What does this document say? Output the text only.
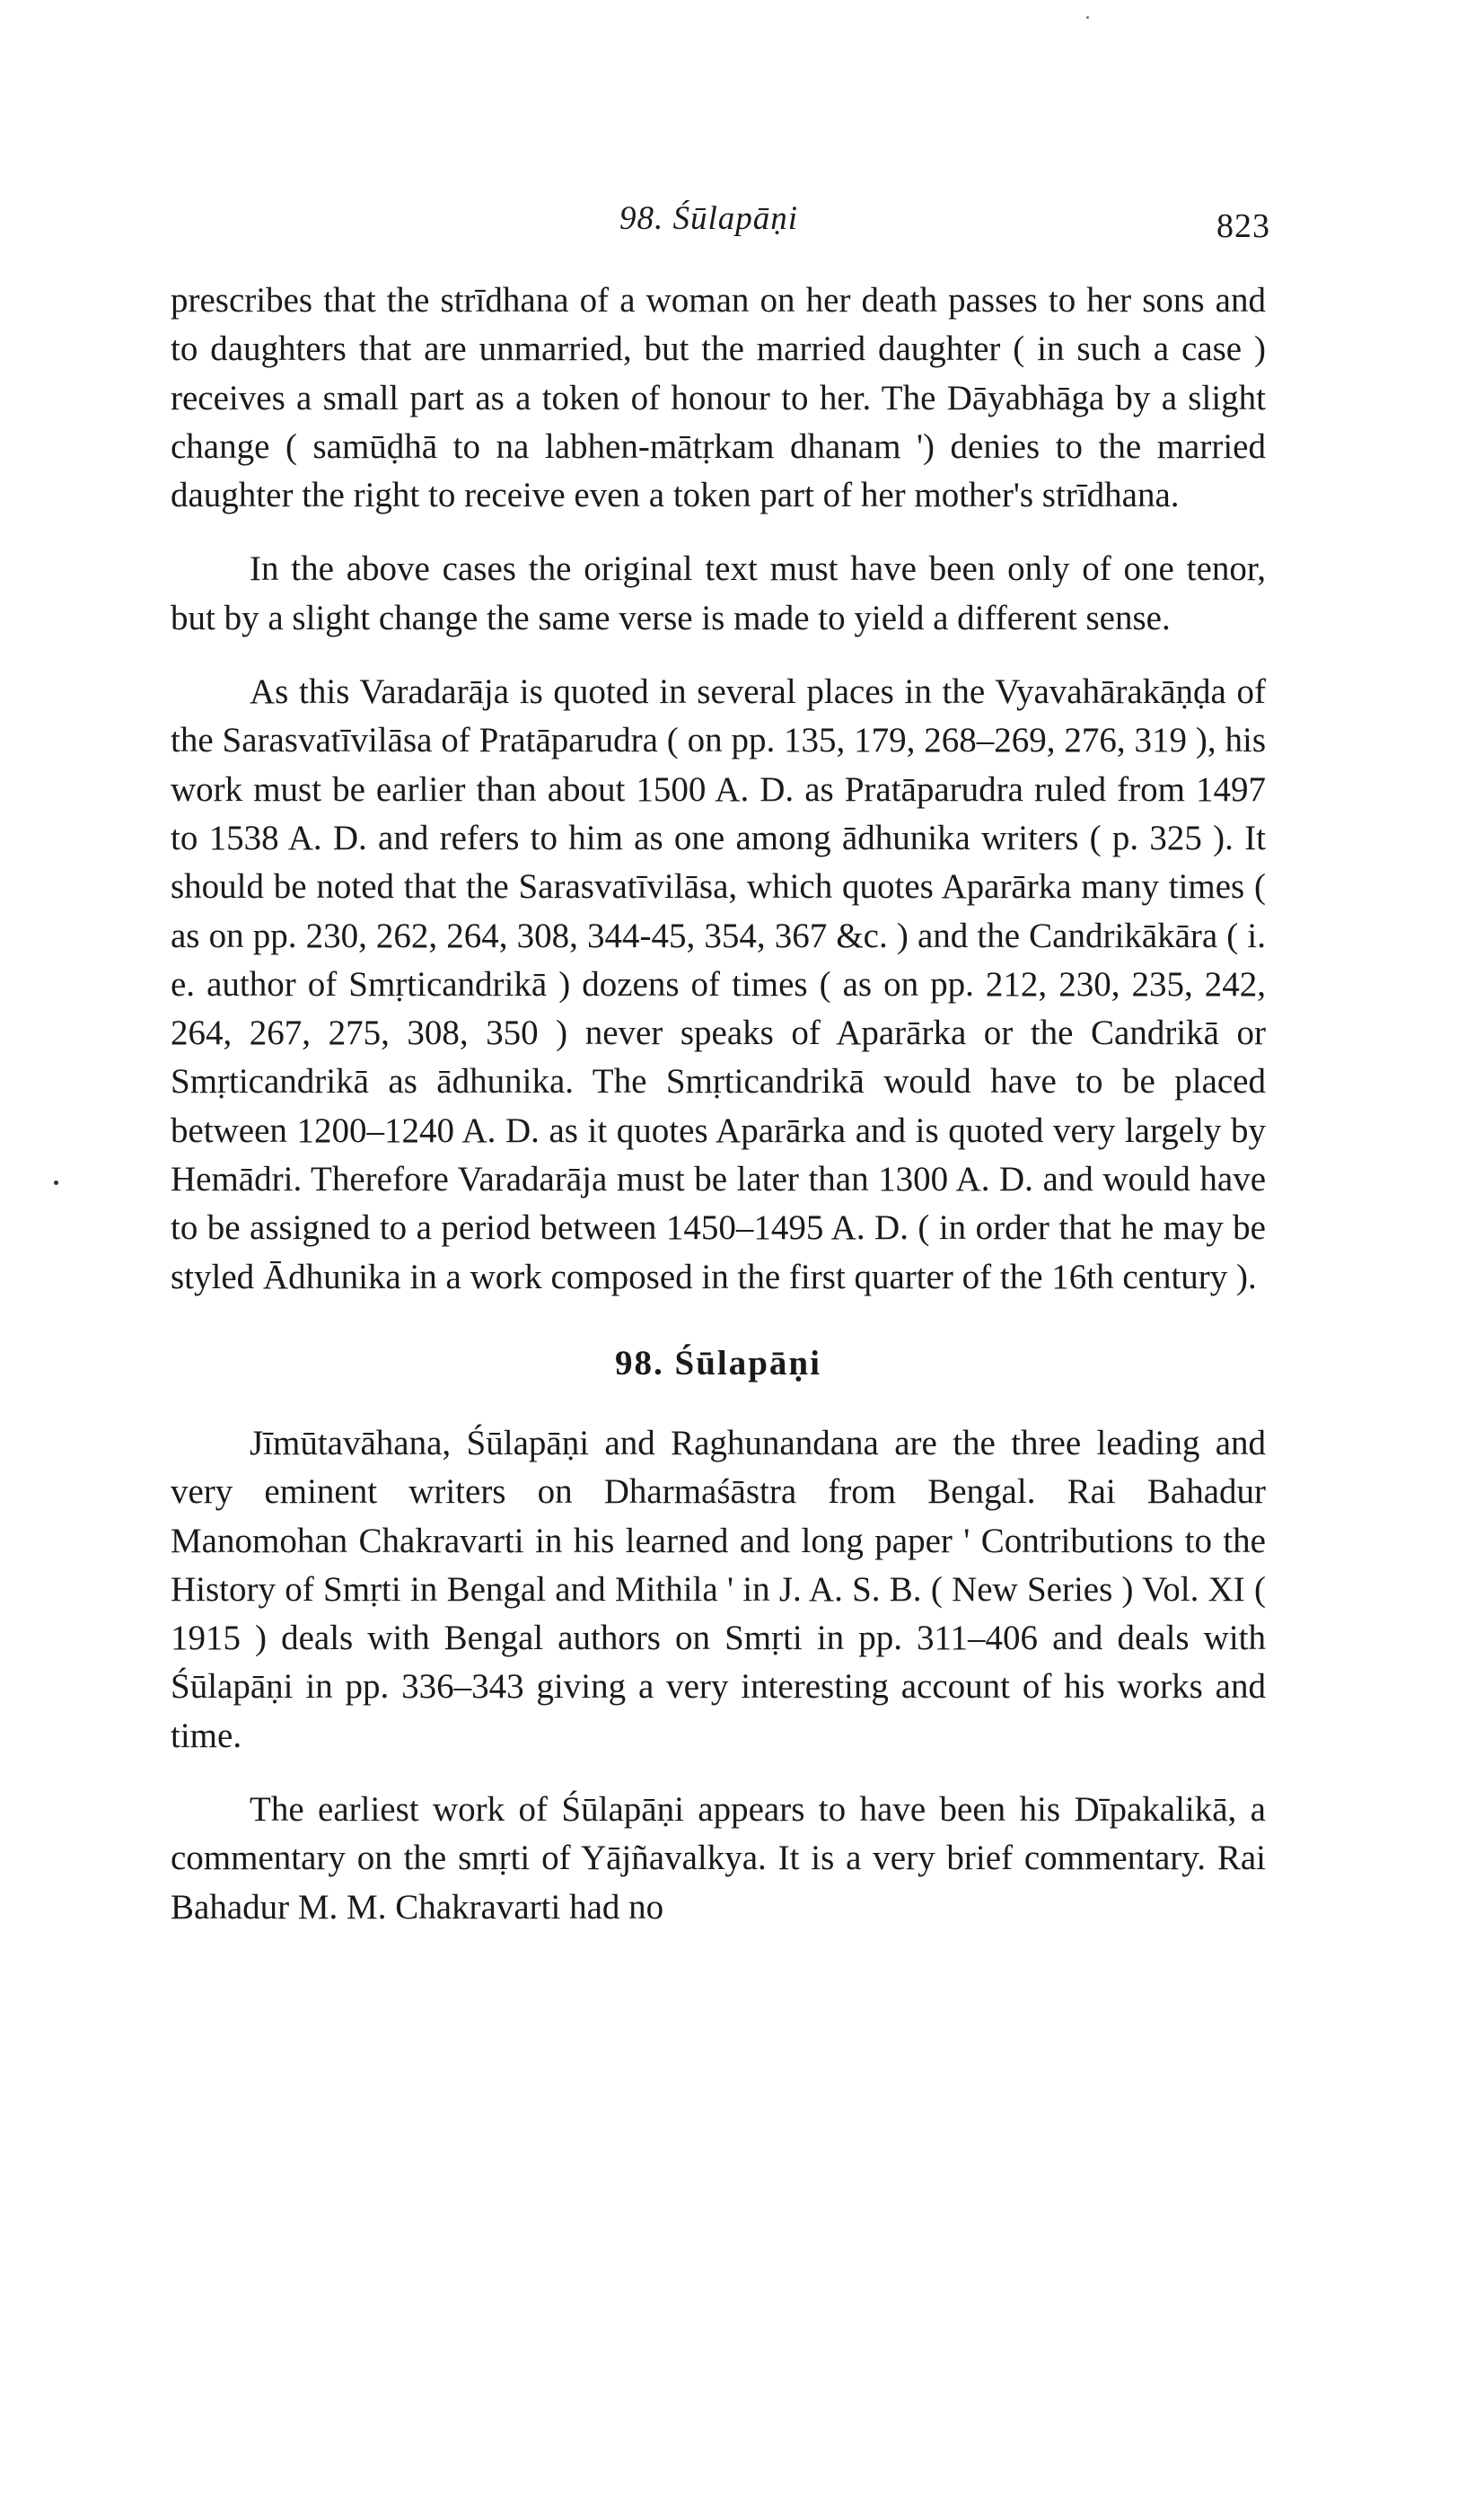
98. Śūlapāṇi	823

prescribes that the strīdhana of a woman on her death passes to her sons and to daughters that are unmarried, but the married daughter ( in such a case ) receives a small part as a token of honour to her. The Dāyabhāga by a slight change ( samūḍhā to na labhen-mātṛkam dhanam ') denies to the married daughter the right to receive even a token part of her mother's strīdhana.

In the above cases the original text must have been only of one tenor, but by a slight change the same verse is made to yield a different sense.

As this Varadarāja is quoted in several places in the Vyavahārakāṇḍa of the Sarasvatīvilāsa of Pratāparudra ( on pp. 135, 179, 268–269, 276, 319 ), his work must be earlier than about 1500 A. D. as Pratāparudra ruled from 1497 to 1538 A. D. and refers to him as one among ādhunika writers ( p. 325 ). It should be noted that the Sarasvatīvilāsa, which quotes Aparārka many times ( as on pp. 230, 262, 264, 308, 344-45, 354, 367 &c. ) and the Candrikākāra ( i. e. author of Smṛticandrikā ) dozens of times ( as on pp. 212, 230, 235, 242, 264, 267, 275, 308, 350 ) never speaks of Aparārka or the Candrikā or Smṛticandrikā as ādhunika. The Smṛticandrikā would have to be placed between 1200–1240 A. D. as it quotes Aparārka and is quoted very largely by Hemādri. Therefore Varadarāja must be later than 1300 A. D. and would have to be assigned to a period between 1450–1495 A. D. ( in order that he may be styled Ādhunika in a work composed in the first quarter of the 16th century ).

98. Śūlapāṇi

Jīmūtavāhana, Śūlapāṇi and Raghunandana are the three leading and very eminent writers on Dharmaśāstra from Bengal. Rai Bahadur Manomohan Chakravarti in his learned and long paper ' Contributions to the History of Smṛti in Bengal and Mithila ' in J. A. S. B. ( New Series ) Vol. XI ( 1915 ) deals with Bengal authors on Smṛti in pp. 311–406 and deals with Śūlapāṇi in pp. 336–343 giving a very interesting account of his works and time.

The earliest work of Śūlapāṇi appears to have been his Dīpakalikā, a commentary on the smṛti of Yājñavalkya. It is a very brief commentary. Rai Bahadur M. M. Chakravarti had no
